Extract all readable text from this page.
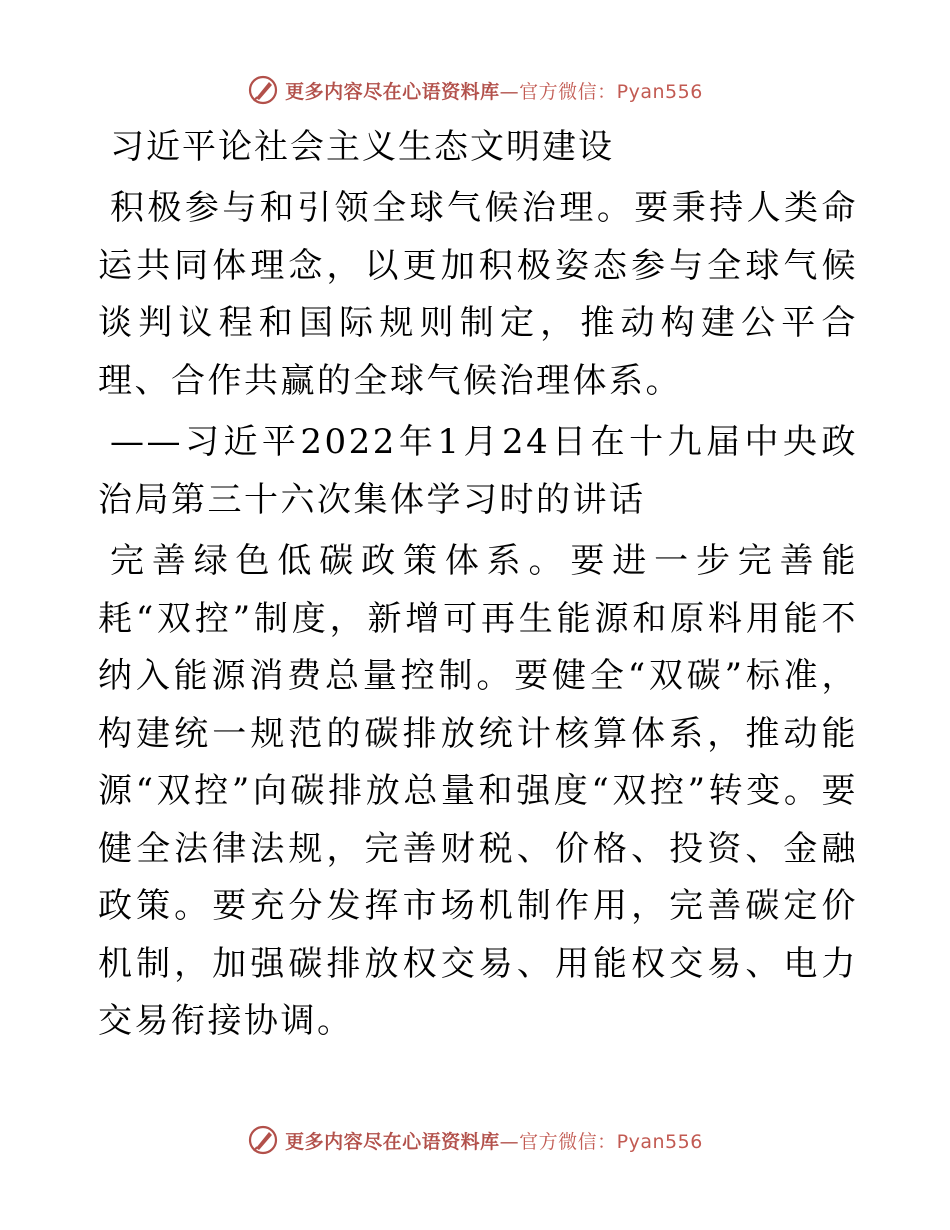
更多内容尽在心语资料库—官方微信：Pyan556
习近平论社会主义生态文明建设

积极参与和引领全球气候治理。要秉持人类命运共同体理念，以更加积极姿态参与全球气候谈判议程和国际规则制定，推动构建公平合理、合作共赢的全球气候治理体系。

——习近平2022年1月24日在十九届中央政治局第三十六次集体学习时的讲话

完善绿色低碳政策体系。要进一步完善能耗“双控”制度，新增可再生能源和原料用能不纳入能源消费总量控制。要健全“双碳”标准，构建统一规范的碳排放统计核算体系，推动能源“双控”向碳排放总量和强度“双控”转变。要健全法律法规，完善财税、价格、投资、金融政策。要充分发挥市场机制作用，完善碳定价机制，加强碳排放权交易、用能权交易、电力交易衔接协调。

更多内容尽在心语资料库—官方微信：Pyan556
